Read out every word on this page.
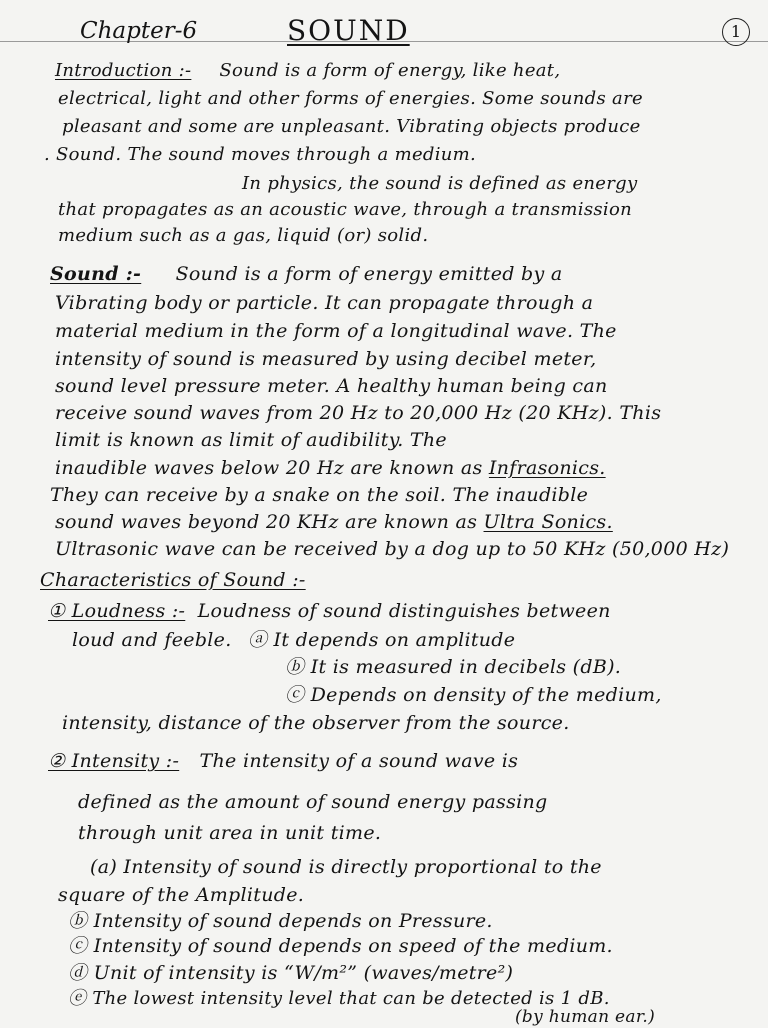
Chapter-6	SOUND	1
Introduction :- Sound is a form of energy, like heat,
electrical, light and other forms of energies. Some sounds are
pleasant and some are unpleasant. Vibrating objects produce
. Sound. The sound moves through a medium.
In physics, the sound is defined as energy
that propagates as an acoustic wave, through a transmission
medium such as a gas, liquid (or) solid.
Sound :- Sound is a form of energy emitted by a
Vibrating body or particle. It can propagate through a
material medium in the form of a longitudinal wave. The
intensity of sound is measured by using decibel meter,
sound level pressure meter. A healthy human being can
receive sound waves from 20 Hz to 20,000 Hz (20 KHz). This
limit is known as limit of audibility. The
inaudible waves below 20 Hz are known as Infrasonics.
They can receive by a snake on the soil. The inaudible
sound waves beyond 20 KHz are known as Ultra Sonics.
Ultrasonic wave can be received by a dog up to 50 KHz (50,000 Hz)
Characteristics of Sound :-
① Loudness :- Loudness of sound distinguishes between
loud and feeble. ⓐ It depends on amplitude
ⓑ It is measured in decibels (dB).
ⓒ Depends on density of the medium,
intensity, distance of the observer from the source.
② Intensity :- The intensity of a sound wave is
defined as the amount of sound energy passing
through unit area in unit time.
(a) Intensity of sound is directly proportional to the
square of the Amplitude.
ⓑ Intensity of sound depends on Pressure.
ⓒ Intensity of sound depends on speed of the medium.
ⓓ Unit of intensity is “W/m²” (waves/metre²)
ⓔ The lowest intensity level that can be detected is 1 dB.
(by human ear.)
